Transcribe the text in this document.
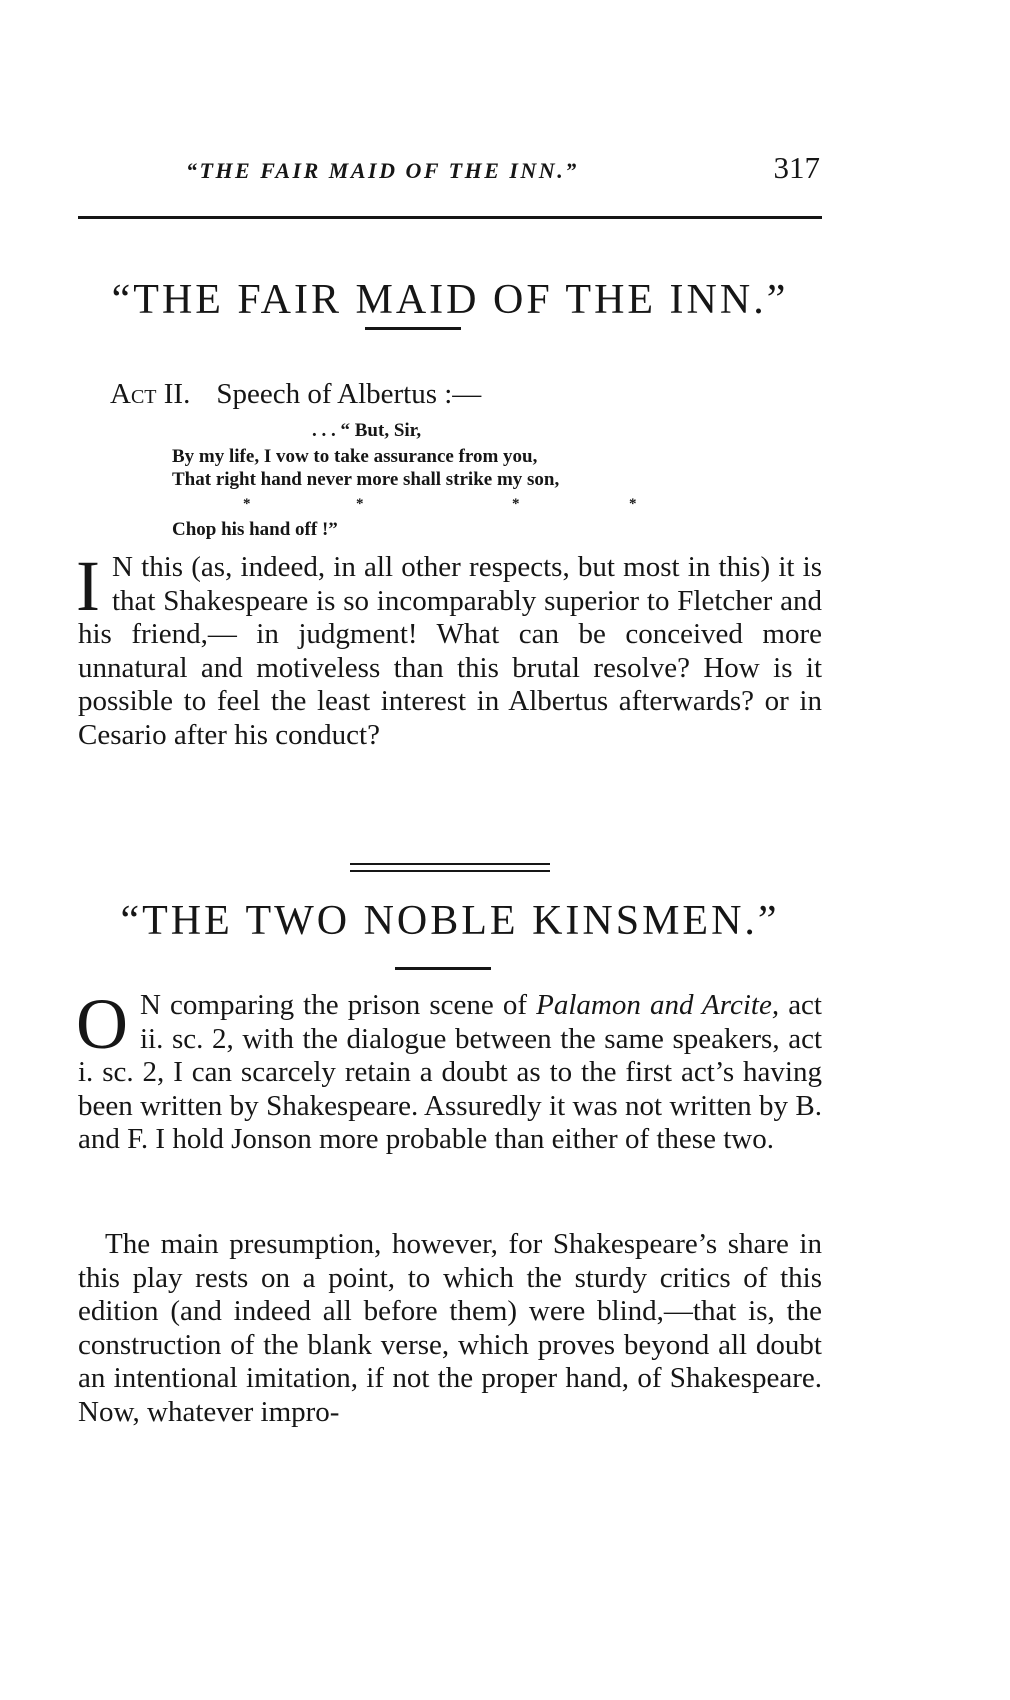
“THE FAIR MAID OF THE INN.”	317
“THE FAIR MAID OF THE INN.”
Act II. Speech of Albertus :—
. . . “ But, Sir,
By my life, I vow to take assurance from you,
That right hand never more shall strike my son,
*	*	*	*
Chop his hand off !”

I N this (as, indeed, in all other respects, but most in this) it is that Shakespeare is so incomparably superior to Fletcher and his friend,— in judgment! What can be conceived more unnatural and motiveless than this brutal resolve? How is it possible to feel the least interest in Albertus afterwards? or in Cesario after his conduct?

“THE TWO NOBLE KINSMEN.”

O N comparing the prison scene of Palamon and Arcite, act ii. sc. 2, with the dialogue between the same speakers, act i. sc. 2, I can scarcely retain a doubt as to the first act’s having been written by Shakespeare. Assuredly it was not written by B. and F. I hold Jonson more probable than either of these two.

The main presumption, however, for Shakespeare’s share in this play rests on a point, to which the sturdy critics of this edition (and indeed all before them) were blind,—that is, the construction of the blank verse, which proves beyond all doubt an intentional imitation, if not the proper hand, of Shakespeare. Now, whatever impro-
